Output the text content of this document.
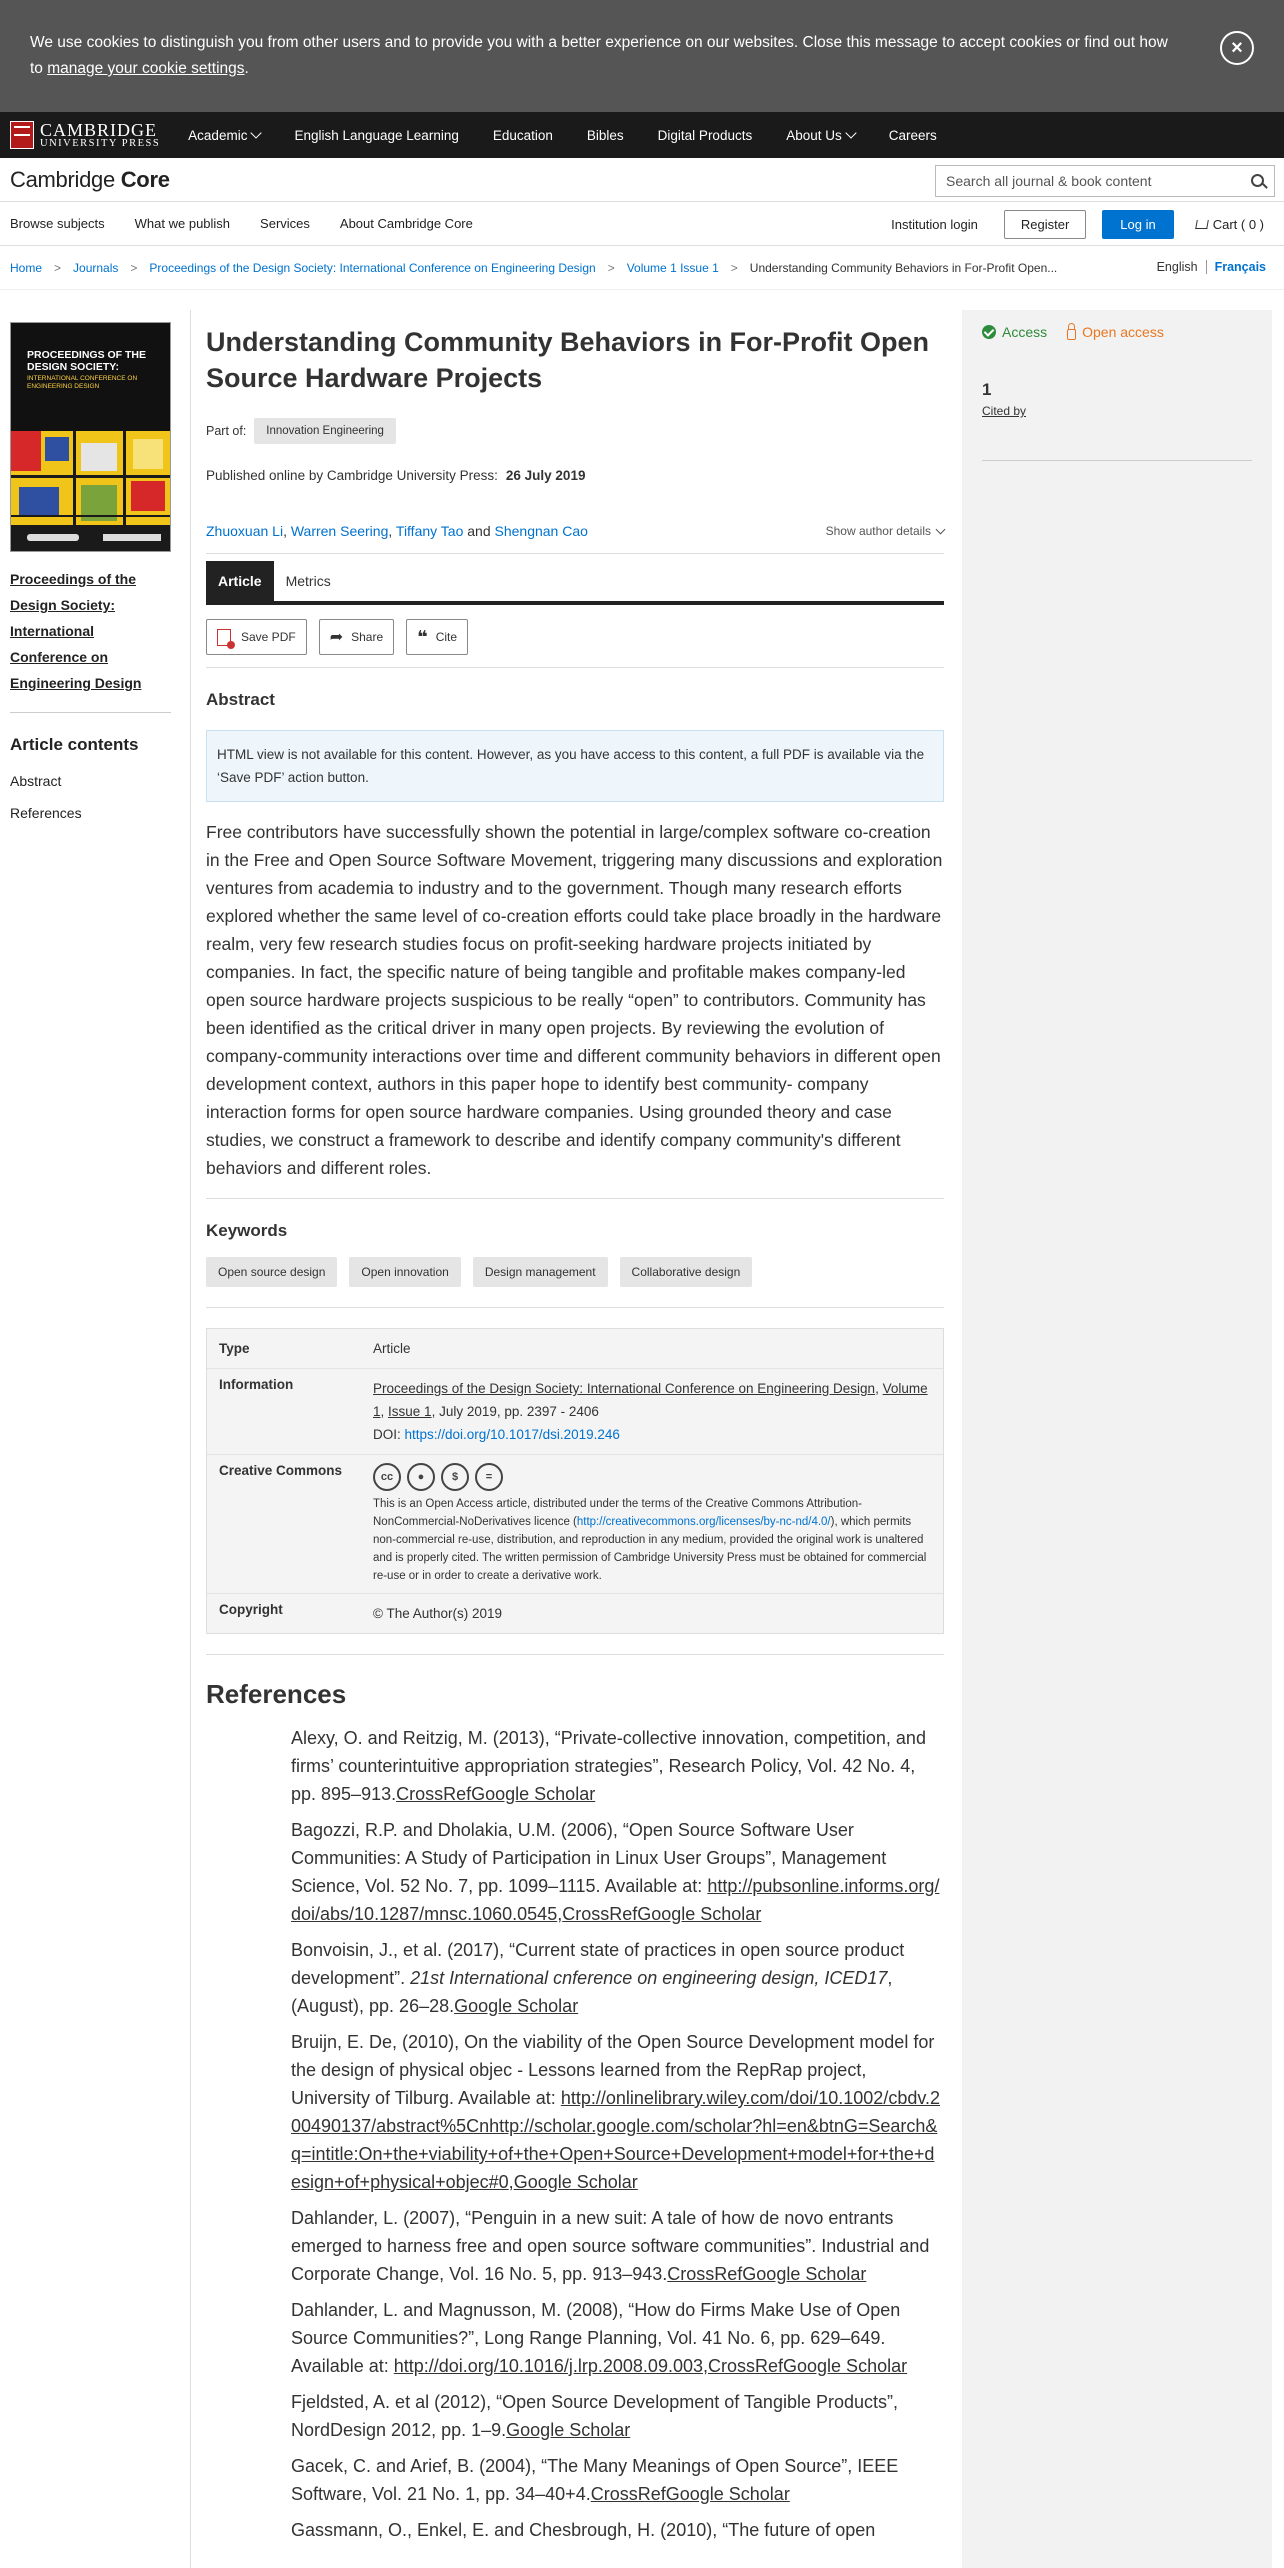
We use cookies to distinguish you from other users and to provide you with a better experience on our websites. Close this message to accept cookies or find out how to manage your cookie settings.
×
CAMBRIDGE
UNIVERSITY PRESS
Academic	English Language Learning	Education	Bibles	Digital Products	About Us	Careers
Cambridge Core
Search all journal & book content
Browse subjects What we publish Services About Cambridge Core	Institution login	Register	Log in	Cart ( 0 )
Home > Journals > Proceedings of the Design Society: International Conference on Engineering Design > Volume 1 Issue 1 > Understanding Community Behaviors in For-Profit Open...	English	Français
PROCEEDINGS OF THE DESIGN SOCIETY:
INTERNATIONAL CONFERENCE ON ENGINEERING DESIGN
Proceedings of the Design Society: International Conference on Engineering Design
Article contents
Abstract
References
Understanding Community Behaviors in For-Profit Open Source Hardware Projects
Part of:	Innovation Engineering
Published online by Cambridge University Press: 26 July 2019
Zhuoxuan Li, Warren Seering, Tiffany Tao and Shengnan Cao	Show author details
Article	Metrics
Save PDF ➦ Share ❝ Cite
Abstract
HTML view is not available for this content. However, as you have access to this content, a full PDF is available via the ‘Save PDF’ action button.

Free contributors have successfully shown the potential in large/complex software co-creation in the Free and Open Source Software Movement, triggering many discussions and exploration ventures from academia to industry and to the government. Though many research efforts explored whether the same level of co-creation efforts could take place broadly in the hardware realm, very few research studies focus on profit-seeking hardware projects initiated by companies. In fact, the specific nature of being tangible and profitable makes company-led open source hardware projects suspicious to be really “open” to contributors. Community has been identified as the critical driver in many open projects. By reviewing the evolution of company-community interactions over time and different community behaviors in different open development context, authors in this paper hope to identify best community- company interaction forms for open source hardware companies. Using grounded theory and case studies, we construct a framework to describe and identify company community's different behaviors and different roles.

Keywords
Open source design	Open innovation	Design management	Collaborative design
Type	Article
Information	Proceedings of the Design Society: International Conference on Engineering Design, Volume 1, Issue 1, July 2019, pp. 2397 - 2406
DOI: https://doi.org/10.1017/dsi.2019.246
Creative Commons	cc	●	$	=
This is an Open Access article, distributed under the terms of the Creative Commons Attribution-NonCommercial-NoDerivatives licence (http://creativecommons.org/licenses/by-nc-nd/4.0/), which permits non-commercial re-use, distribution, and reproduction in any medium, provided the original work is unaltered and is properly cited. The written permission of Cambridge University Press must be obtained for commercial re-use or in order to create a derivative work.
Copyright	© The Author(s) 2019
References
Alexy, O. and Reitzig, M. (2013), “Private-collective innovation, competition, and firms’ counterintuitive appropriation strategies”, Research Policy, Vol. 42 No. 4, pp. 895–913.CrossRefGoogle Scholar
Bagozzi, R.P. and Dholakia, U.M. (2006), “Open Source Software User Communities: A Study of Participation in Linux User Groups”, Management Science, Vol. 52 No. 7, pp. 1099–1115. Available at: http://pubsonline.informs.org/doi/abs/10.1287/mnsc.1060.0545,CrossRefGoogle Scholar
Bonvoisin, J., et al. (2017), “Current state of practices in open source product development”. 21st International cnference on engineering design, ICED17, (August), pp. 26–28.Google Scholar
Bruijn, E. De, (2010), On the viability of the Open Source Development model for the design of physical objec - Lessons learned from the RepRap project, University of Tilburg. Available at: http://onlinelibrary.wiley.com/doi/10.1002/cbdv.200490137/abstract%5Cnhttp://scholar.google.com/scholar?hl=en&btnG=Search&q=intitle:On+the+viability+of+the+Open+Source+Development+model+for+the+design+of+physical+objec#0,Google Scholar
Dahlander, L. (2007), “Penguin in a new suit: A tale of how de novo entrants emerged to harness free and open source software communities”. Industrial and Corporate Change, Vol. 16 No. 5, pp. 913–943.CrossRefGoogle Scholar
Dahlander, L. and Magnusson, M. (2008), “How do Firms Make Use of Open Source Communities?”, Long Range Planning, Vol. 41 No. 6, pp. 629–649. Available at: http://doi.org/10.1016/j.lrp.2008.09.003,CrossRefGoogle Scholar
Fjeldsted, A. et al (2012), “Open Source Development of Tangible Products”, NordDesign 2012, pp. 1–9.Google Scholar
Gacek, C. and Arief, B. (2004), “The Many Meanings of Open Source”, IEEE Software, Vol. 21 No. 1, pp. 34–40+4.CrossRefGoogle Scholar
Gassmann, O., Enkel, E. and Chesbrough, H. (2010), “The future of open
Access	Open access
1
Cited by
